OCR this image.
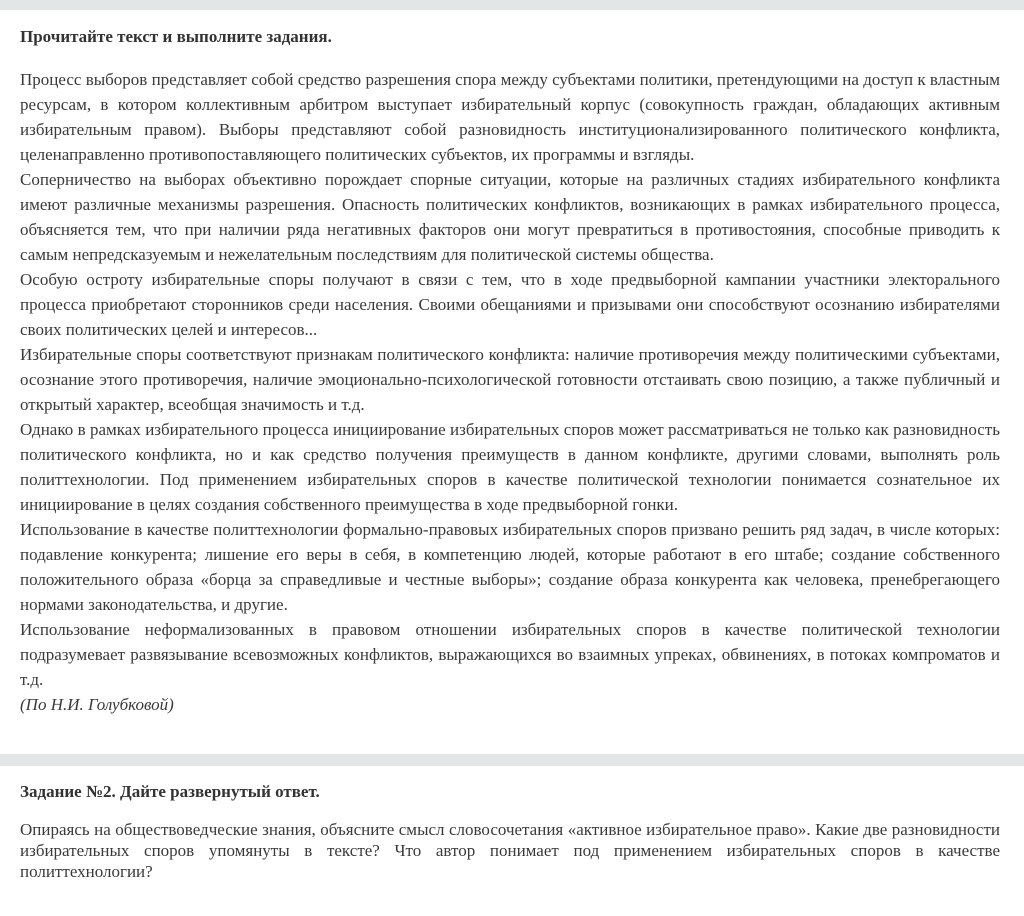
Прочитайте текст и выполните задания.

Процесс выборов представляет собой средство разрешения спора между субъектами политики, претендующими на доступ к властным ресурсам, в котором коллективным арбитром выступает избирательный корпус (совокупность граждан, обладающих активным избирательным правом). Выборы представляют собой разновидность институционализированного политического конфликта, целенаправленно противопоставляющего политических субъектов, их программы и взгляды.

Соперничество на выборах объективно порождает спорные ситуации, которые на различных стадиях избирательного конфликта имеют различные механизмы разрешения. Опасность политических конфликтов, возникающих в рамках избирательного процесса, объясняется тем, что при наличии ряда негативных факторов они могут превратиться в противостояния, способные приводить к самым непредсказуемым и нежелательным последствиям для политической системы общества.

Особую остроту избирательные споры получают в связи с тем, что в ходе предвыборной кампании участники электорального процесса приобретают сторонников среди населения. Своими обещаниями и призывами они способствуют осознанию избирателями своих политических целей и интересов...

Избирательные споры соответствуют признакам политического конфликта: наличие противоречия между политическими субъектами, осознание этого противоречия, наличие эмоционально-психологической готовности отстаивать свою позицию, а также публичный и открытый характер, всеобщая значимость и т.д.

Однако в рамках избирательного процесса инициирование избирательных споров может рассматриваться не только как разновидность политического конфликта, но и как средство получения преимуществ в данном конфликте, другими словами, выполнять роль политтехнологии. Под применением избирательных споров в качестве политической технологии понимается сознательное их инициирование в целях создания собственного преимущества в ходе предвыборной гонки.

Использование в качестве политтехнологии формально-правовых избирательных споров призвано решить ряд задач, в числе которых: подавление конкурента; лишение его веры в себя, в компетенцию людей, которые работают в его штабе; создание собственного положительного образа «борца за справедливые и честные выборы»; создание образа конкурента как человека, пренебрегающего нормами законодательства, и другие.

Использование неформализованных в правовом отношении избирательных споров в качестве политической технологии подразумевает развязывание всевозможных конфликтов, выражающихся во взаимных упреках, обвинениях, в потоках компроматов и т.д.

(По Н.И. Голубковой)

Задание №2. Дайте развернутый ответ.

Опираясь на обществоведческие знания, объясните смысл словосочетания «активное избирательное право». Какие две разновидности избирательных споров упомянуты в тексте? Что автор понимает под применением избирательных споров в качестве политтехнологии?
